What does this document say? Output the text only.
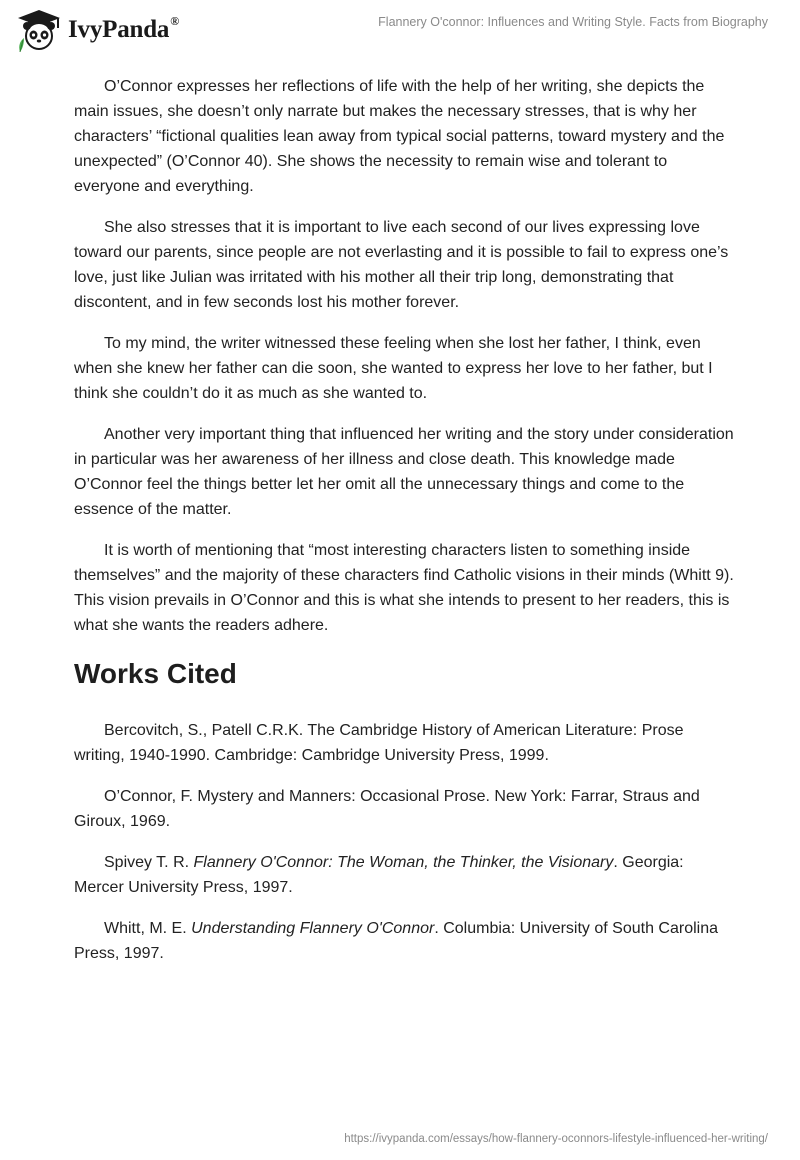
IvyPanda®	Flannery O'connor: Influences and Writing Style. Facts from Biography

O’Connor expresses her reflections of life with the help of her writing, she depicts the main issues, she doesn’t only narrate but makes the necessary stresses, that is why her characters’ “fictional qualities lean away from typical social patterns, toward mystery and the unexpected” (O’Connor 40). She shows the necessity to remain wise and tolerant to everyone and everything.

She also stresses that it is important to live each second of our lives expressing love toward our parents, since people are not everlasting and it is possible to fail to express one’s love, just like Julian was irritated with his mother all their trip long, demonstrating that discontent, and in few seconds lost his mother forever.

To my mind, the writer witnessed these feeling when she lost her father, I think, even when she knew her father can die soon, she wanted to express her love to her father, but I think she couldn’t do it as much as she wanted to.

Another very important thing that influenced her writing and the story under consideration in particular was her awareness of her illness and close death. This knowledge made O’Connor feel the things better let her omit all the unnecessary things and come to the essence of the matter.

It is worth of mentioning that “most interesting characters listen to something inside themselves” and the majority of these characters find Catholic visions in their minds (Whitt 9). This vision prevails in O’Connor and this is what she intends to present to her readers, this is what she wants the readers adhere.

Works Cited

Bercovitch, S., Patell C.R.K. The Cambridge History of American Literature: Prose writing, 1940-1990. Cambridge: Cambridge University Press, 1999.

O’Connor, F. Mystery and Manners: Occasional Prose. New York: Farrar, Straus and Giroux, 1969.

Spivey T. R. Flannery O'Connor: The Woman, the Thinker, the Visionary. Georgia: Mercer University Press, 1997.

Whitt, M. E. Understanding Flannery O'Connor. Columbia: University of South Carolina Press, 1997.

https://ivypanda.com/essays/how-flannery-oconnors-lifestyle-influenced-her-writing/
